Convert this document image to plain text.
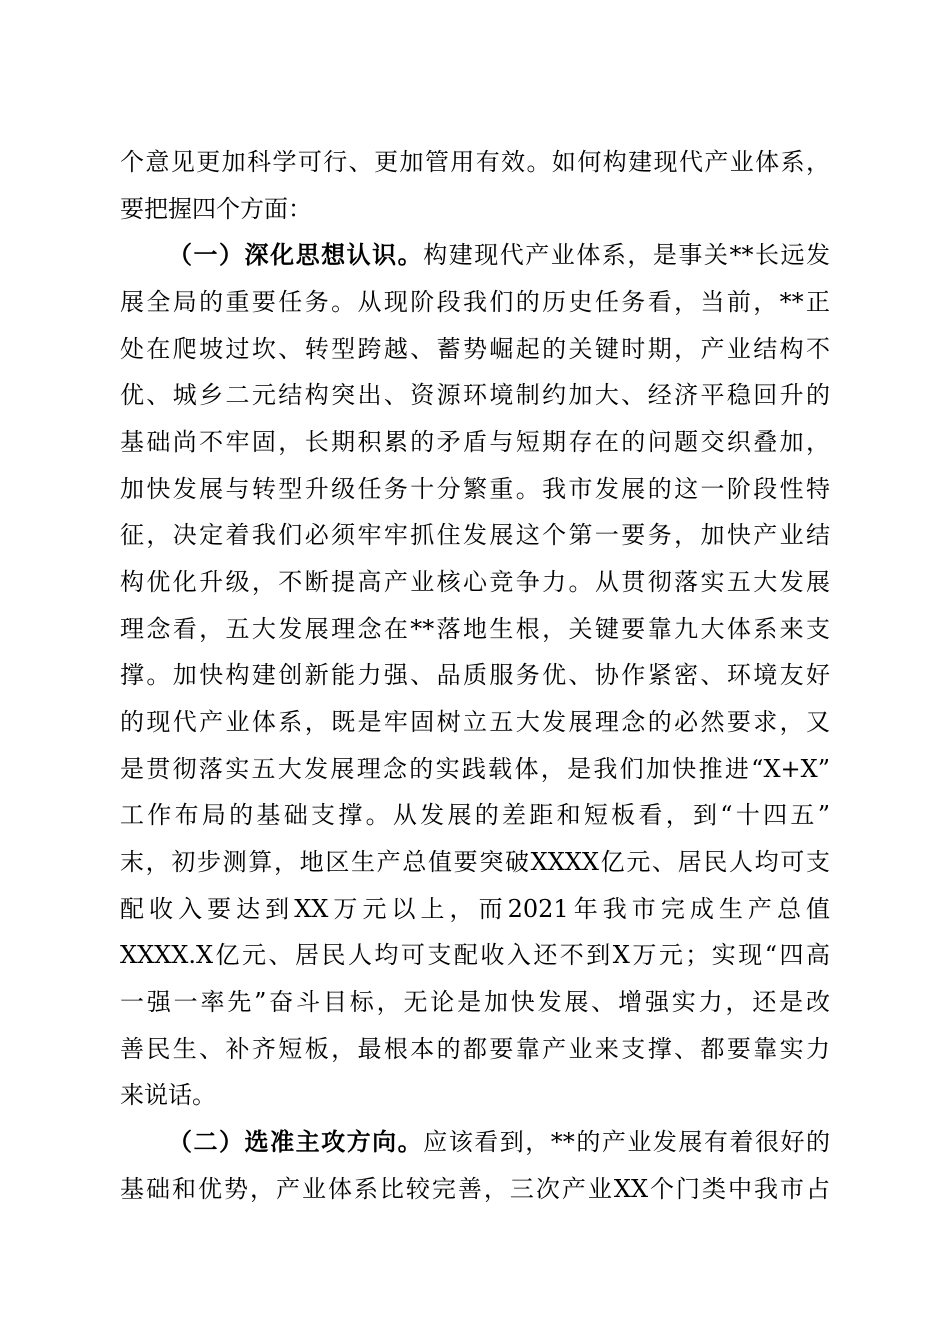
个意见更加科学可行、更加管用有效。如何构建现代产业体系，
要把握四个方面：
（一）深化思想认识。构建现代产业体系，是事关**长远发
展全局的重要任务。从现阶段我们的历史任务看，当前，**正
处在爬坡过坎、转型跨越、蓄势崛起的关键时期，产业结构不
优、城乡二元结构突出、资源环境制约加大、经济平稳回升的
基础尚不牢固，长期积累的矛盾与短期存在的问题交织叠加，
加快发展与转型升级任务十分繁重。我市发展的这一阶段性特
征，决定着我们必须牢牢抓住发展这个第一要务，加快产业结
构优化升级，不断提高产业核心竞争力。从贯彻落实五大发展
理念看，五大发展理念在**落地生根，关键要靠九大体系来支
撑。加快构建创新能力强、品质服务优、协作紧密、环境友好
的现代产业体系，既是牢固树立五大发展理念的必然要求，又
是贯彻落实五大发展理念的实践载体，是我们加快推进“X+X”
工作布局的基础支撑。从发展的差距和短板看，到“十四五”
末，初步测算，地区生产总值要突破XXXX亿元、居民人均可支
配收入要达到XX万元以上，而2021年我市完成生产总值
XXXX.X亿元、居民人均可支配收入还不到X万元；实现“四高
一强一率先”奋斗目标，无论是加快发展、增强实力，还是改
善民生、补齐短板，最根本的都要靠产业来支撑、都要靠实力
来说话。
（二）选准主攻方向。应该看到，**的产业发展有着很好的
基础和优势，产业体系比较完善，三次产业XX个门类中我市占
